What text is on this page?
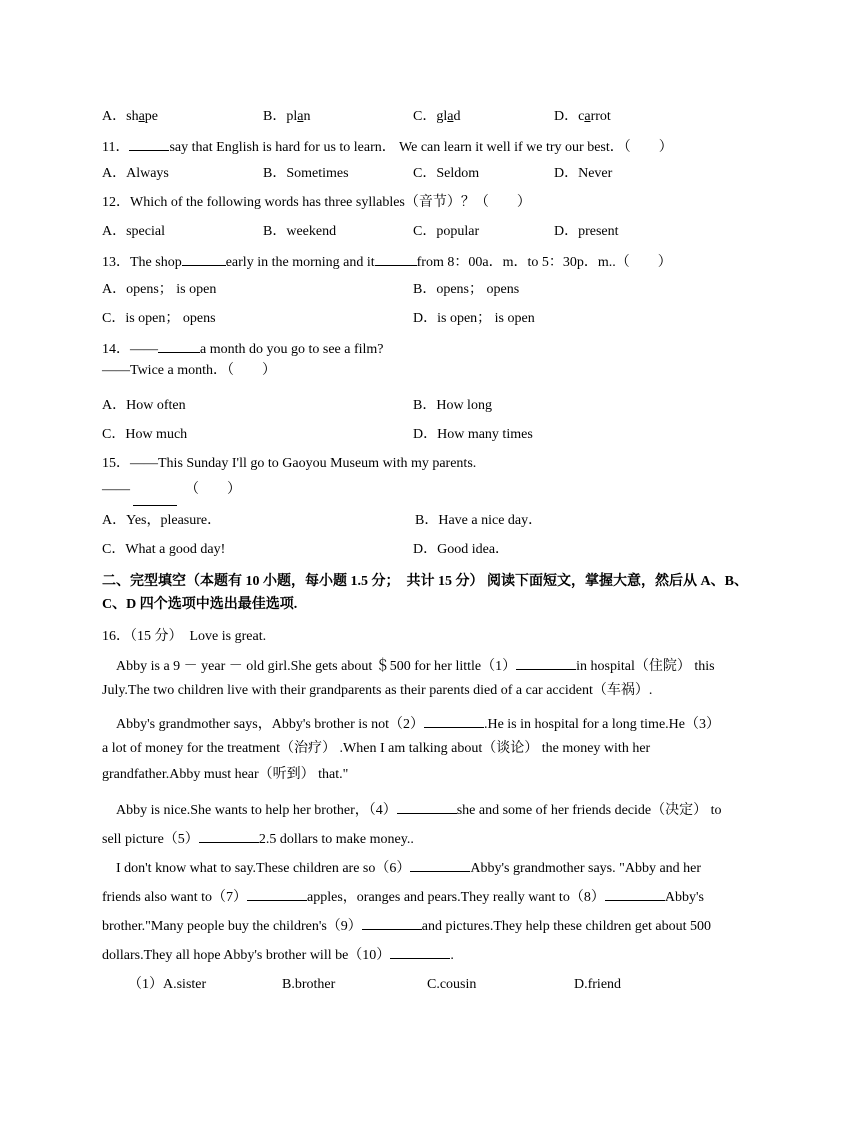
A．shape	B．plan	C．glad	D．carrot
11．	say that English is hard for us to learn． We can learn it well if we try our best．（　　）
A．Always	B．Sometimes	C．Seldom	D．Never
12．Which of the following words has three syllables（音节）？（　　）
A．special	B．weekend	C．popular	D．present
13．The shop	early in the morning and it	from 8：00a．m．to 5：30p．m..（　　）
A．opens； is open	B．opens； opens
C．is open； opens	D．is open； is open
14．——	a month do you go to see a film?
——Twice a month．（　　）
A．How often	B．How long
C．How much	D．How many times
15．——This Sunday I'll go to Gaoyou Museum with my parents.
——	（　　）
A．Yes，pleasure．	B．Have a nice day．
C．What a good day!	D．Good idea．
二、完型填空（本题有 10 小题，每小题 1.5 分；　共计 15 分） 阅读下面短文，掌握大意，然后从 A、B、
C、D 四个选项中选出最佳选项.
16．（15 分）　Love is great.
Abby is a 9 － year － old girl.She gets about ＄500 for her little（1）	in hospital（住院） this
July.The two children live with their grandparents as their parents died of a car accident（车祸）.
Abby's grandmother says，Abby's brother is not（2）	.He is in hospital for a long time.He（3）
a lot of money for the treatment（治疗） .When I am talking about（谈论） the money with her
grandfather.Abby must hear（听到） that."
Abby is nice.She wants to help her brother，（4）	she and some of her friends decide（决定） to
sell picture（5）	2.5 dollars to make money..
I don't know what to say.These children are so（6）	Abby's grandmother says. "Abby and her
friends also want to（7）	apples，oranges and pears.They really want to（8）	Abby's
brother."Many people buy the children's（9）	and pictures.They help these children get about 500
dollars.They all hope Abby's brother will be（10）	.
（1）A.sister	B.brother	C.cousin	D.friend
